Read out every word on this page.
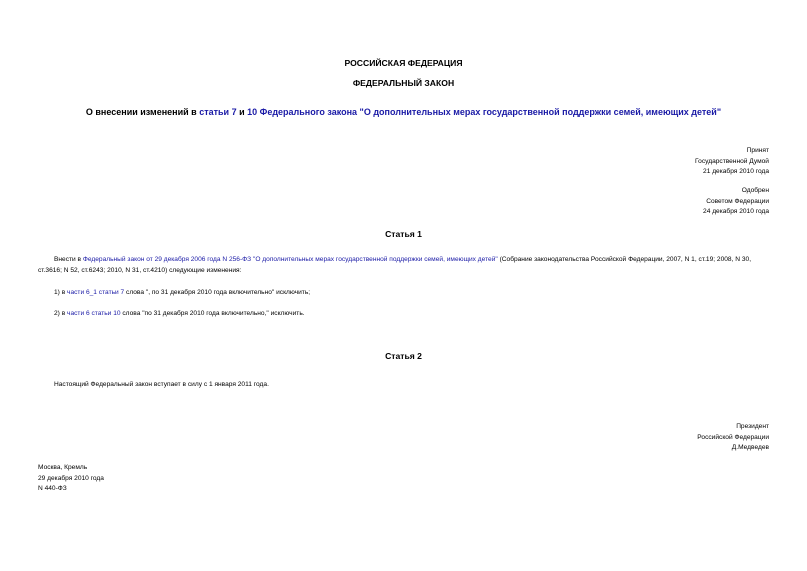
РОССИЙСКАЯ ФЕДЕРАЦИЯ
ФЕДЕРАЛЬНЫЙ ЗАКОН
О внесении изменений в статьи 7 и 10 Федерального закона "О дополнительных мерах государственной поддержки семей, имеющих детей"

Принят

Государственной Думой

21 декабря 2010 года

Одобрен

Советом Федерации

24 декабря 2010 года

Статья 1
Внести в Федеральный закон от 29 декабря 2006 года N 256-ФЗ "О дополнительных мерах государственной поддержки семей, имеющих детей" (Собрание законодательства Российской Федерации, 2007, N 1, ст.19; 2008, N 30, ст.3616; N 52, ст.6243; 2010, N 31, ст.4210) следующие изменения:
1) в части 6_1 статьи 7 слова ", по 31 декабря 2010 года включительно" исключить;
2) в части 6 статьи 10 слова "по 31 декабря 2010 года включительно," исключить.
Статья 2
Настоящий Федеральный закон вступает в силу с 1 января 2011 года.

Президент

Российской Федерации

Д.Медведев

Москва, Кремль

29 декабря 2010 года

N 440-ФЗ
